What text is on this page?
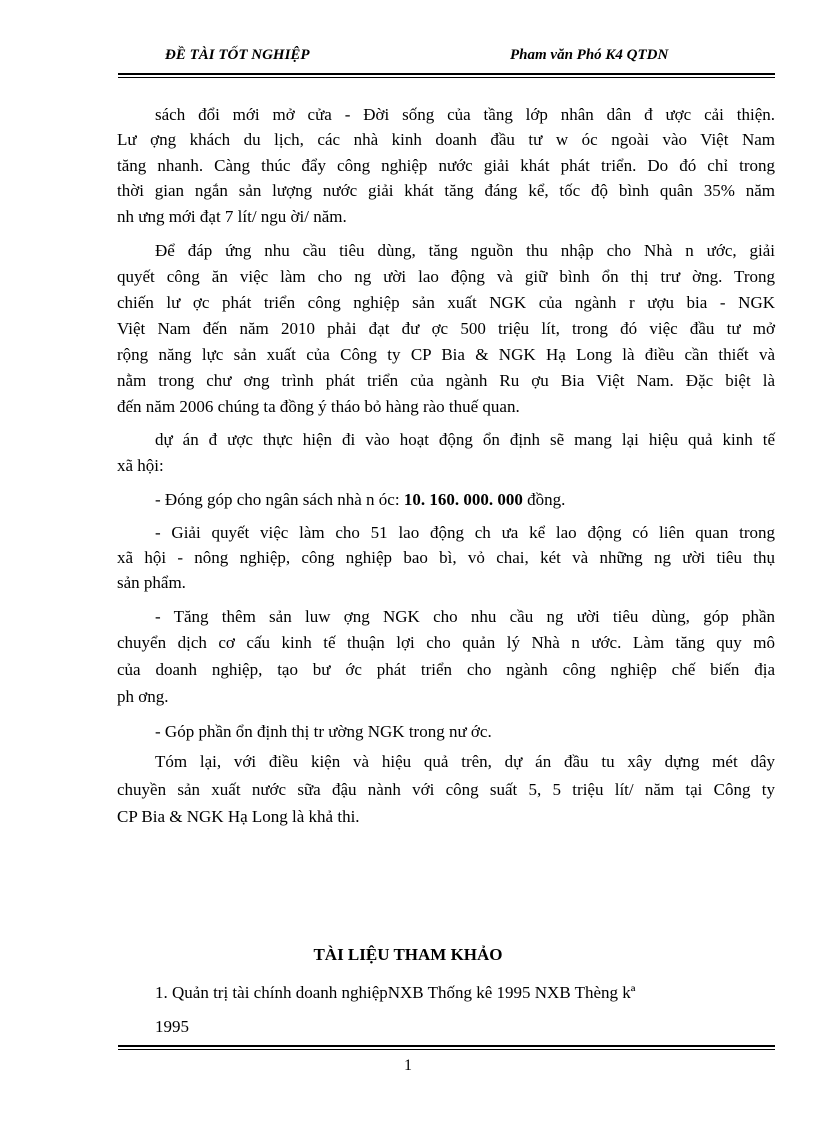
ĐỀ TÀI TỐT NGHIỆP	Pham văn Phó K4 QTDN
sách đổi mới mở cửa - Đời sống của tầng lớp nhân dân đ ược cải thiện.
Lư ợng khách du lịch, các nhà kinh doanh đầu tư w óc ngoài vào Việt Nam
tăng nhanh. Càng thúc đẩy công nghiệp nước giải khát phát triển. Do đó chỉ trong
thời gian ngắn sản lượng nước giải khát tăng đáng kể, tốc độ bình quân 35% năm
nh ưng mới đạt 7 lít/ ngu ời/ năm.
Để đáp ứng nhu cầu tiêu dùng, tăng nguồn thu nhập cho Nhà n ước, giải
quyết công ăn việc làm cho ng ười lao động và giữ bình ổn thị trư ờng. Trong
chiến lư ợc phát triển công nghiệp sản xuất NGK của ngành r ượu bia - NGK
Việt Nam đến năm 2010 phải đạt đư ợc 500 triệu lít, trong đó việc đầu tư mở
rộng năng lực sản xuất của Công ty CP Bia & NGK Hạ Long là điều cần thiết và
nằm trong chư ơng trình phát triển của ngành Ru ợu Bia Việt Nam. Đặc biệt là
đến năm 2006 chúng ta đồng ý tháo bỏ hàng rào thuế quan.
dự án đ ược thực hiện đi vào hoạt động ổn định sẽ mang lại hiệu quả kinh tế
xã hội:
- Đóng góp cho ngân sách nhà n óc: 10. 160. 000. 000 đồng.
- Giải quyết việc làm cho 51 lao động ch ưa kể lao động có liên quan trong
xã hội - nông nghiệp, công nghiệp bao bì, vỏ chai, két và những ng ười tiêu thụ
sản phẩm.
- Tăng thêm sản luw ợng NGK cho nhu cầu ng ười tiêu dùng, góp phần
chuyển dịch cơ cấu kinh tế thuận lợi cho quản lý Nhà n ước. Làm tăng quy mô
của doanh nghiệp, tạo bư ớc phát triển cho ngành công nghiệp chế biến địa
ph ơng.
- Góp phần ổn định thị tr ường NGK trong nư ớc.
Tóm lại, với điều kiện và hiệu quả trên, dự án đầu tu xây dựng mét dây
chuyền sản xuất nước sữa đậu nành với công suất 5, 5 triệu lít/ năm tại Công ty
CP Bia & NGK Hạ Long là khả thi.
TÀI LIỆU THAM KHẢO
1. Quản trị tài chính doanh nghiệpNXB Thống kê 1995 NXB Thèng kª
1995
1
